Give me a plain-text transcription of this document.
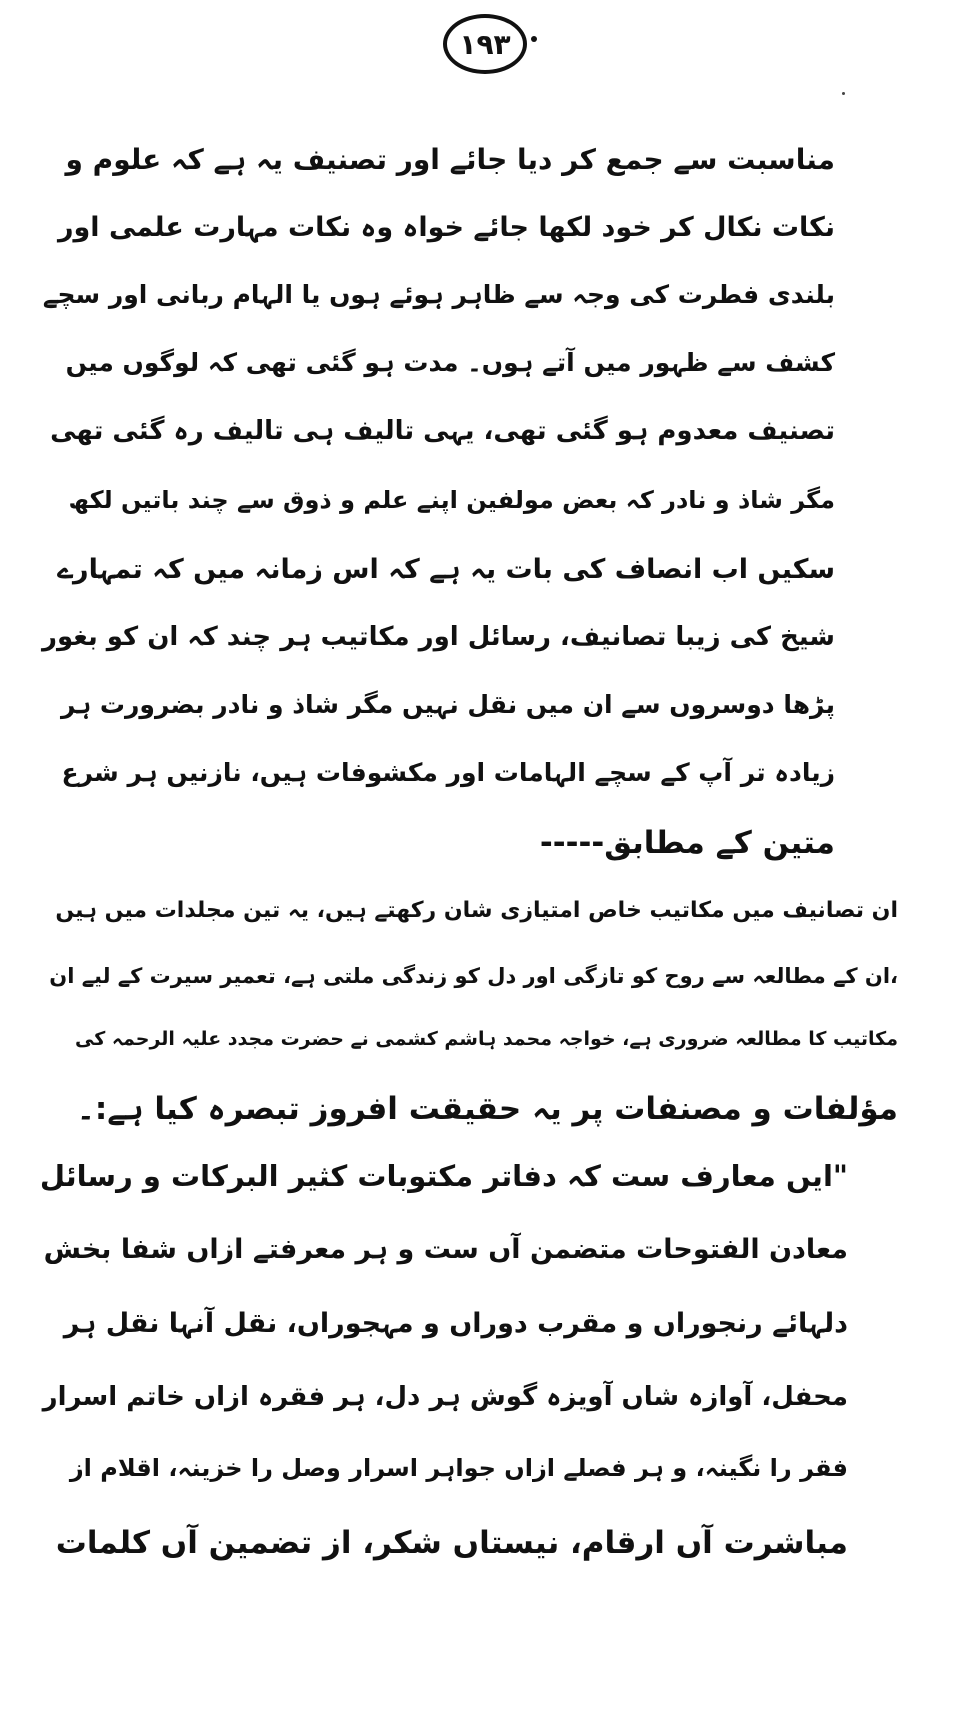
۱۹۳
مناسبت سے جمع کر دیا جائے اور تصنیف یہ ہے کہ علوم و
نکات نکال کر خود لکھا جائے خواہ وہ نکات مہارت علمی اور
بلندی فطرت کی وجہ سے ظاہر ہوئے ہوں یا الہام ربانی اور سچے
کشف سے ظہور میں آتے ہوں۔ مدت ہو گئی تھی کہ لوگوں میں
تصنیف معدوم ہو گئی تھی، یہی تالیف ہی تالیف رہ گئی تھی
مگر شاذ و نادر کہ بعض مولفین اپنے علم و ذوق سے چند باتیں لکھ
سکیں اب انصاف کی بات یہ ہے کہ اس زمانہ میں کہ تمہارے
شیخ کی زیبا تصانیف، رسائل اور مکاتیب ہر چند کہ ان کو بغور
پڑھا دوسروں سے ان میں نقل نہیں مگر شاذ و نادر بضرورت ہر
زیادہ تر آپ کے سچے الہامات اور مکشوفات ہیں، نازنیں ہر شرع
متین کے مطابق-----
ان تصانیف میں مکاتیب خاص امتیازی شان رکھتے ہیں، یہ تین مجلدات میں ہیں
،ان کے مطالعہ سے روح کو تازگی اور دل کو زندگی ملتی ہے، تعمیر سیرت کے لیے ان
مکاتیب کا مطالعہ ضروری ہے، خواجہ محمد ہاشم کشمی نے حضرت مجدد علیہ الرحمہ کی
مؤلفات و مصنفات پر یہ حقیقت افروز تبصرہ کیا ہے:۔
"ایں معارف ست کہ دفاتر مکتوبات کثیر البرکات و رسائل
معادن الفتوحات متضمن آں ست و ہر معرفتے ازاں شفا بخش
دلہائے رنجوراں و مقرب دوراں و مہجوراں، نقل آنہا نقل ہر
محفل، آوازہ شاں آویزہ گوش ہر دل، ہر فقرہ ازاں خاتم اسرار
فقر را نگینہ، و ہر فصلے ازاں جواہر اسرار وصل را خزینہ، اقلام از
مباشرت آں ارقام، نیستاں شکر، از تضمین آں کلمات
